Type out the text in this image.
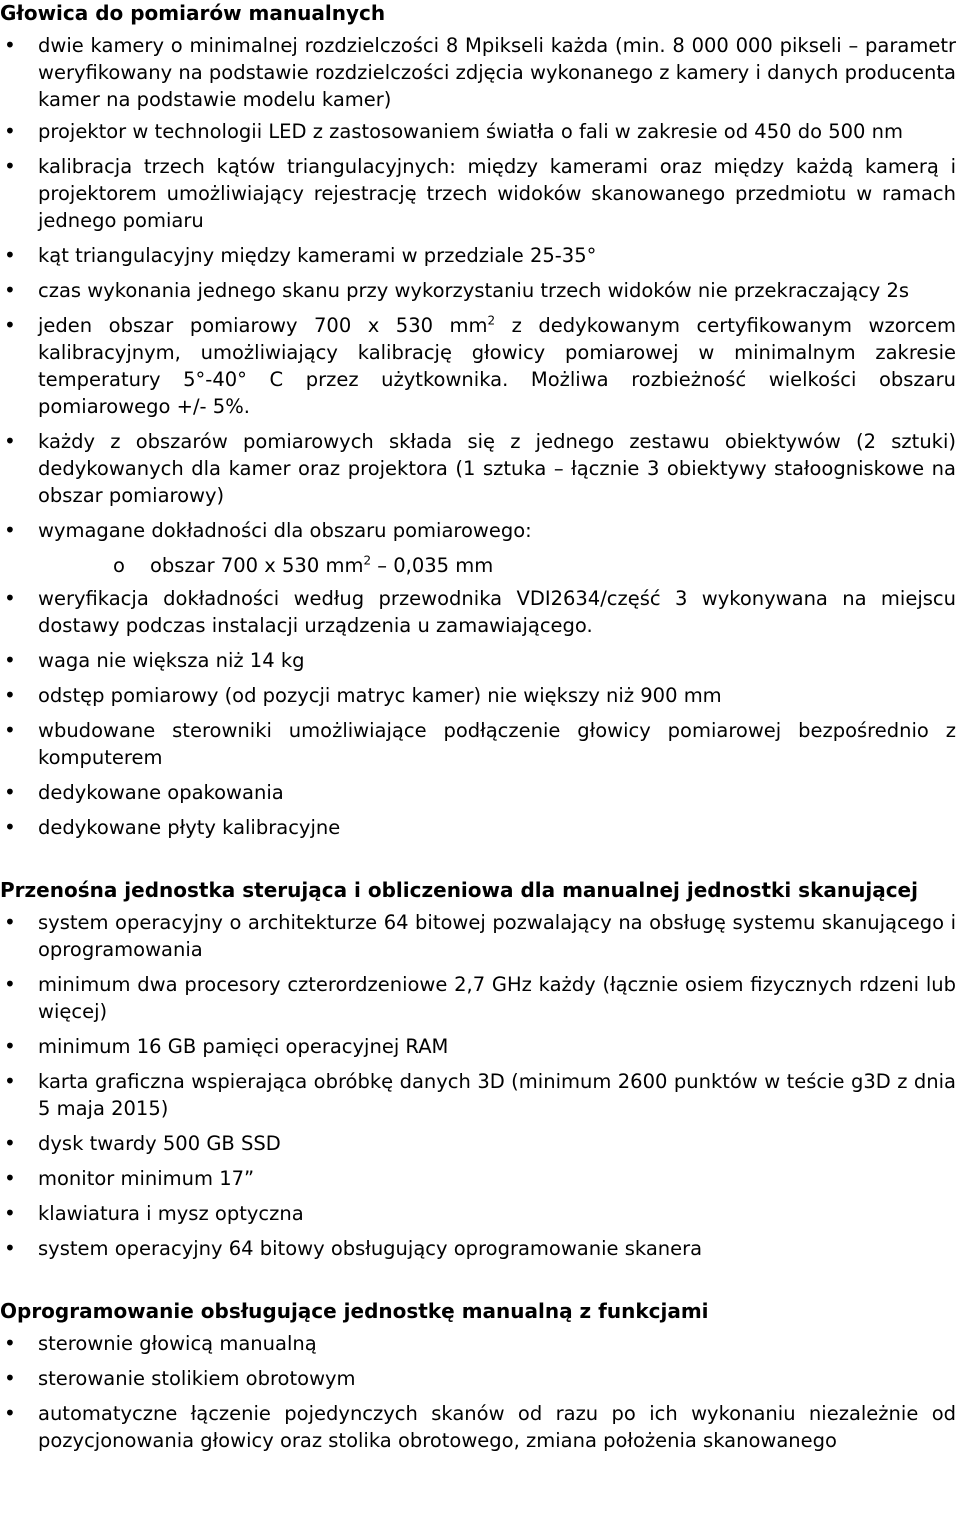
Głowica do pomiarów manualnych
• dwie kamery o minimalnej rozdzielczości 8 Mpikseli każda (min. 8 000 000 pikseli – parametr weryfikowany na podstawie rozdzielczości zdjęcia wykonanego z kamery i danych producenta kamer na podstawie modelu kamer)
• projektor w technologii LED z zastosowaniem światła o fali w zakresie od 450 do 500 nm
• kalibracja trzech kątów triangulacyjnych: między kamerami oraz między każdą kamerą i projektorem umożliwiający rejestrację trzech widoków skanowanego przedmiotu w ramach jednego pomiaru
• kąt triangulacyjny między kamerami w przedziale 25-35°
• czas wykonania jednego skanu przy wykorzystaniu trzech widoków nie przekraczający 2s
• jeden obszar pomiarowy 700 x 530 $mm^2$ z dedykowanym certyfikowanym wzorcem kalibracyjnym, umożliwiający kalibrację głowicy pomiarowej w minimalnym zakresie temperatury 5°-40° C przez użytkownika. Możliwa rozbieżność wielkości obszaru pomiarowego +/- 5%.
• każdy z obszarów pomiarowych składa się z jednego zestawu obiektywów (2 sztuki) dedykowanych dla kamer oraz projektora (1 sztuka – łącznie 3 obiektywy stałoogniskowe na obszar pomiarowy)
• wymagane dokładności dla obszaru pomiarowego:
o obszar 700 x 530 $mm^2 - 0,035$ mm
• weryfikacja dokładności według przewodnika VDI2634/część 3 wykonywana na miejscu dostawy podczas instalacji urządzenia u zamawiającego.
• waga nie większa niż 14 kg
• odstęp pomiarowy (od pozycji matryc kamer) nie większy niż 900 mm
• wbudowane sterowniki umożliwiające podłączenie głowicy pomiarowej bezpośrednio z komputerem
• dedykowane opakowania
• dedykowane płyty kalibracyjne
Przenośna jednostka sterująca i obliczeniowa dla manualnej jednostki skanującej
• system operacyjny o architekturze 64 bitowej pozwalający na obsługę systemu skanującego i oprogramowania
• minimum dwa procesory czterordzeniowe 2,7 GHz każdy (łącznie osiem fizycznych rdzeni lub więcej)
• minimum 16 GB pamięci operacyjnej RAM
• karta graficzna wspierająca obróbkę danych 3D (minimum 2600 punktów w teście g3D z dnia 5 maja 2015)
• dysk twardy 500 GB SSD
• monitor minimum 17”
• klawiatura i mysz optyczna
• system operacyjny 64 bitowy obsługujący oprogramowanie skanera
Oprogramowanie obsługujące jednostkę manualną z funkcjami
• sterownie głowicą manualną
• sterowanie stolikiem obrotowym
• automatyczne łączenie pojedynczych skanów od razu po ich wykonaniu niezależnie od pozycjonowania głowicy oraz stolika obrotowego, zmiana położenia skanowanego
